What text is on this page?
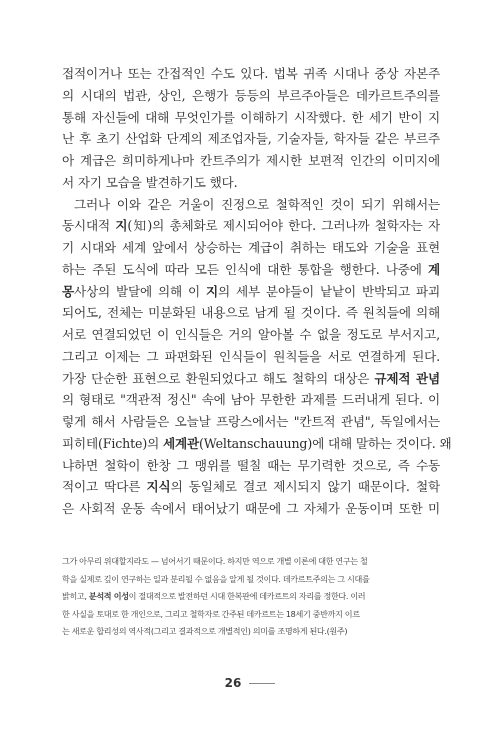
접적이거나 또는 간접적인 수도 있다. 법복 귀족 시대나 중상 자본주
의 시대의 법관, 상인, 은행가 등등의 부르주아들은 데카르트주의를
통해 자신들에 대해 무엇인가를 이해하기 시작했다. 한 세기 반이 지
난 후 초기 산업화 단계의 제조업자들, 기술자들, 학자들 같은 부르주
아 계급은 희미하게나마 칸트주의가 제시한 보편적 인간의 이미지에
서 자기 모습을 발견하기도 했다.
그러나 이와 같은 거울이 진정으로 철학적인 것이 되기 위해서는
동시대적 지(知)의 총체화로 제시되어야 한다. 그러나까 철학자는 자
기 시대와 세계 앞에서 상승하는 계급이 취하는 태도와 기술을 표현
하는 주된 도식에 따라 모든 인식에 대한 통합을 행한다. 나중에 계
몽사상의 발달에 의해 이 지의 세부 분야들이 낱낱이 반박되고 파괴
되어도, 전체는 미분화된 내용으로 남게 될 것이다. 즉 원칙들에 의해
서로 연결되었던 이 인식들은 거의 알아볼 수 없을 정도로 부서지고,
그리고 이제는 그 파편화된 인식들이 원칙들을 서로 연결하게 된다.
가장 단순한 표현으로 환원되었다고 해도 철학의 대상은 규제적 관념
의 형태로 "객관적 정신" 속에 남아 무한한 과제를 드러내게 된다. 이
렇게 해서 사람들은 오늘날 프랑스에서는 "칸트적 관념", 독일에서는
피히테(Fichte)의 세계관(Weltanschauung)에 대해 말하는 것이다. 왜
냐하면 철학이 한창 그 맹위를 떨칠 때는 무기력한 것으로, 즉 수동
적이고 딱다른 지식의 동일체로 결코 제시되지 않기 때문이다. 철학
은 사회적 운동 속에서 태어났기 때문에 그 자체가 운동이며 또한 미
그가 아무리 위대할지라도 — 넘어서기 때문이다. 하지만 역으로 개별 이론에 대한 연구는 철
학을 실제로 깊이 연구하는 일과 분리될 수 없음을 알게 될 것이다. 데카르트주의는 그 시대를
밝히고, 분석적 이성이 절대적으로 발전하던 시대 한복판에 데카르트의 자리를 정한다. 이러
한 사실을 토대로 한 개인으로, 그리고 철학자로 간주된 데카르트는 18세기 중반까지 이르
는 새로운 합리성의 역사적(그리고 결과적으로 개별적인) 의미를 조명하게 된다.(원주)
26
